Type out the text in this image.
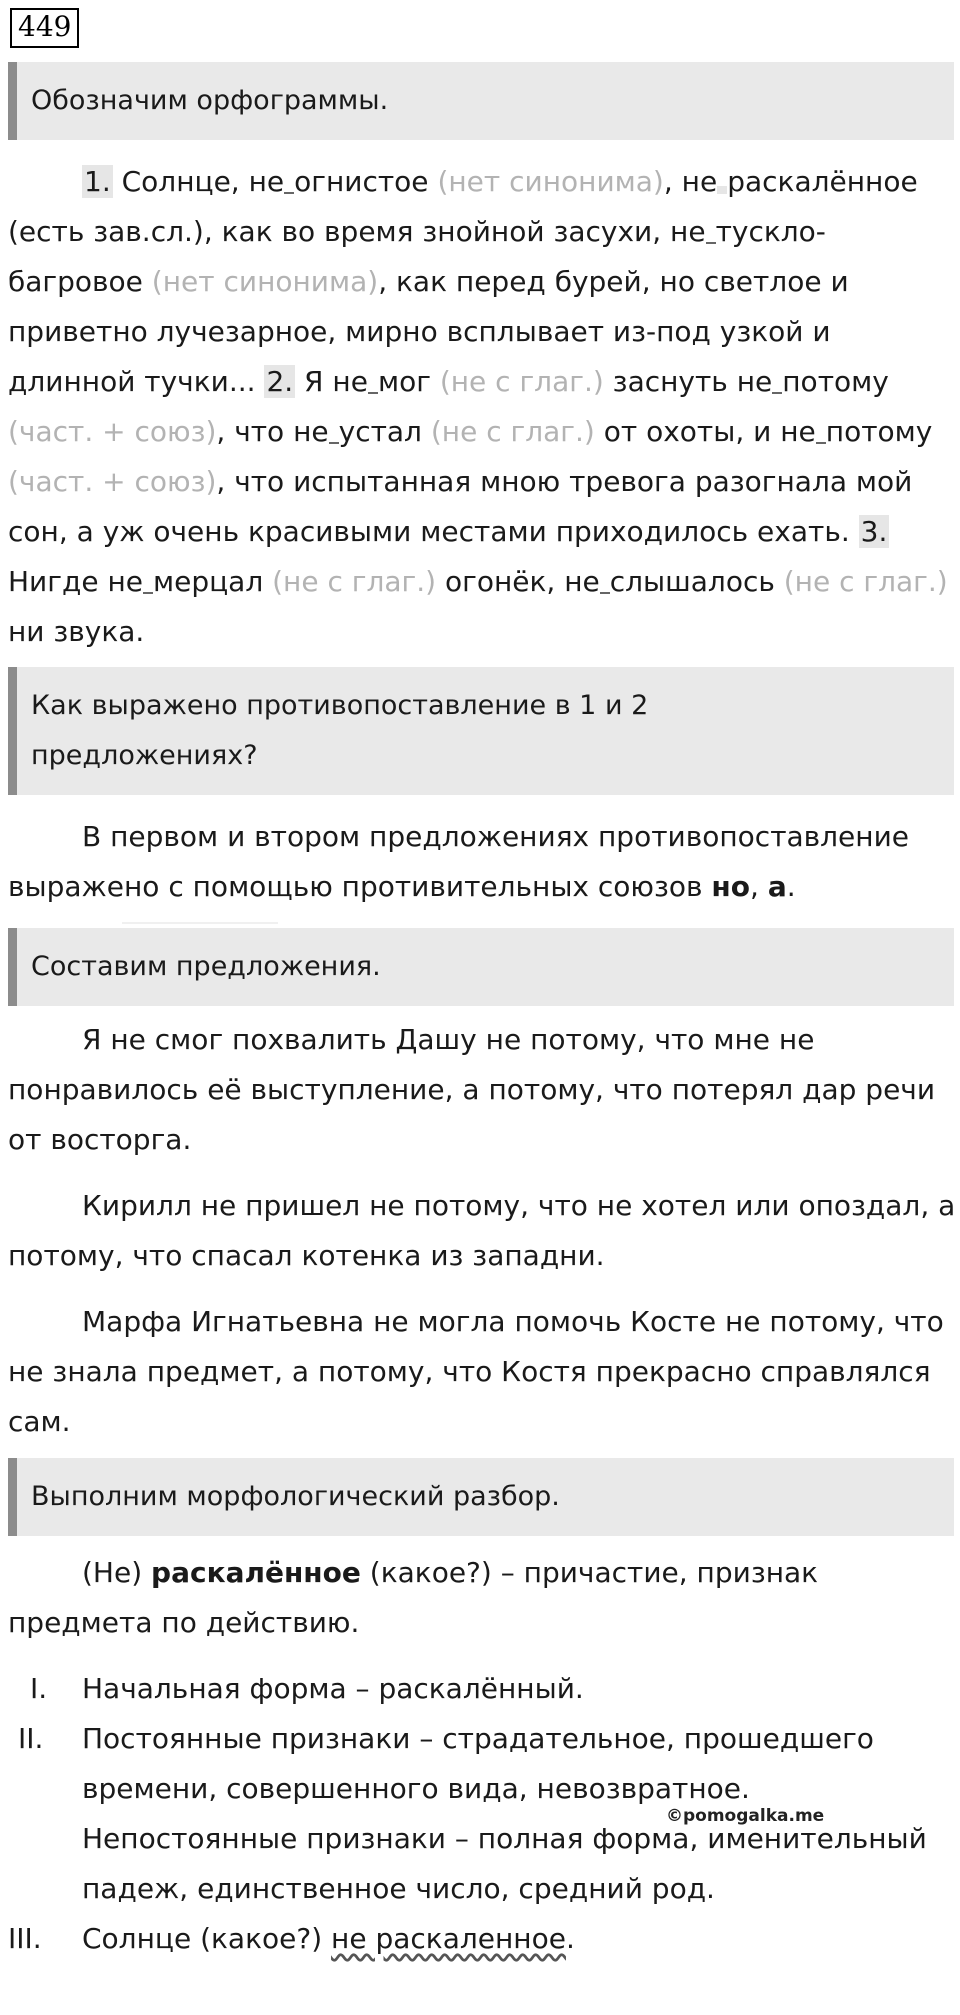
449
Обозначим орфограммы.
1. Солнце, не огнистое (нет синонима), не раскалённое (есть зав.сл.), как во время знойной засухи, не тускло-багровое (нет синонима), как перед бурей, но светлое и приветно лучезарное, мирно всплывает из-под узкой и длинной тучки... 2. Я не мог (не с глаг.) заснуть не потому (част. + союз), что не устал (не с глаг.) от охоты, и не потому (част. + союз), что испытанная мною тревога разогнала мой сон, а уж очень красивыми местами приходилось ехать. 3. Нигде не мерцал (не с глаг.) огонёк, не слышалось (не с глаг.) ни звука.
Как выражено противопоставление в 1 и 2 предложениях?
В первом и втором предложениях противопоставление выражено с помощью противительных союзов но, а.
Составим предложения.
Я не смог похвалить Дашу не потому, что мне не понравилось её выступление, а потому, что потерял дар речи от восторга.
Кирилл не пришел не потому, что не хотел или опоздал, а потому, что спасал котенка из западни.
Марфа Игнатьевна не могла помочь Косте не потому, что не знала предмет, а потому, что Костя прекрасно справлялся сам.
Выполним морфологический разбор.
(Не) раскалённое (какое?) – причастие, признак предмета по действию.
I.	Начальная форма – раскалённый.
II.	Постоянные признаки – страдательное, прошедшего времени, совершенного вида, невозвратное.
Непостоянные признаки – полная форма, именительный падеж, единственное число, средний род.
III.	Солнце (какое?) не раскаленное.
©pomogalka.me
